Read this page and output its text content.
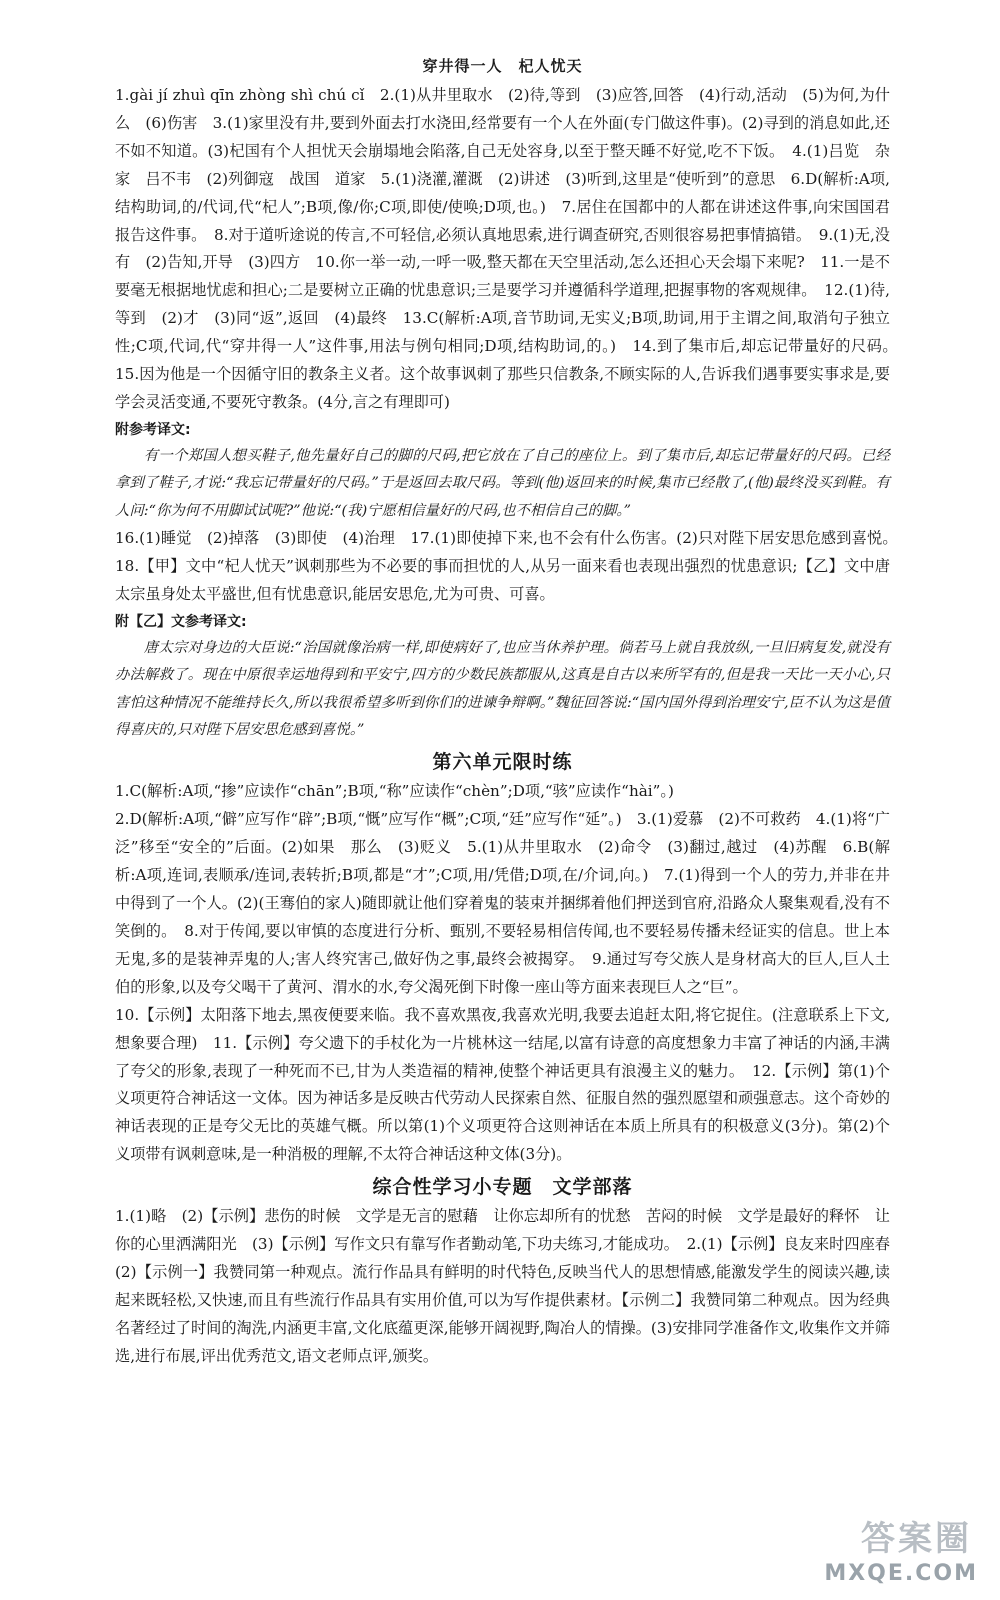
穿井得一人　杞人忧天

1.gài jí zhuì qīn zhòng shì chú cǐ　2.(1)从井里取水　(2)待,等到　(3)应答,回答　(4)行动,活动　(5)为何,为什么　(6)伤害　3.(1)家里没有井,要到外面去打水浇田,经常要有一个人在外面(专门做这件事)。(2)寻到的消息如此,还不如不知道。(3)杞国有个人担忧天会崩塌地会陷落,自己无处容身,以至于整天睡不好觉,吃不下饭。　4.(1)吕览　杂家　吕不韦　(2)列御寇　战国　道家　5.(1)浇灌,灌溉　(2)讲述　(3)听到,这里是“使听到”的意思　6.D(解析:A项,结构助词,的/代词,代“杞人”;B项,像/你;C项,即使/使唤;D项,也。)　7.居住在国都中的人都在讲述这件事,向宋国国君报告这件事。　8.对于道听途说的传言,不可轻信,必须认真地思索,进行调查研究,否则很容易把事情搞错。　9.(1)无,没有　(2)告知,开导　(3)四方　10.你一举一动,一呼一吸,整天都在天空里活动,怎么还担心天会塌下来呢?　11.一是不要毫无根据地忧虑和担心;二是要树立正确的忧患意识;三是要学习并遵循科学道理,把握事物的客观规律。　12.(1)待,等到　(2)才　(3)同“返”,返回　(4)最终　13.C(解析:A项,音节助词,无实义;B项,助词,用于主谓之间,取消句子独立性;C项,代词,代“穿井得一人”这件事,用法与例句相同;D项,结构助词,的。)　14.到了集市后,却忘记带量好的尺码。　15.因为他是一个因循守旧的教条主义者。这个故事讽刺了那些只信教条,不顾实际的人,告诉我们遇事要实事求是,要学会灵活变通,不要死守教条。(4分,言之有理即可)

附参考译文:

有一个郑国人想买鞋子,他先量好自己的脚的尺码,把它放在了自己的座位上。到了集市后,却忘记带量好的尺码。已经拿到了鞋子,才说:“我忘记带量好的尺码。”于是返回去取尺码。等到(他)返回来的时候,集市已经散了,(他)最终没买到鞋。有人问:“你为何不用脚试试呢?”他说:“(我)宁愿相信量好的尺码,也不相信自己的脚。”

16.(1)睡觉　(2)掉落　(3)即使　(4)治理　17.(1)即使掉下来,也不会有什么伤害。(2)只对陛下居安思危感到喜悦。　18.【甲】文中“杞人忧天”讽刺那些为不必要的事而担忧的人,从另一面来看也表现出强烈的忧患意识;【乙】文中唐太宗虽身处太平盛世,但有忧患意识,能居安思危,尤为可贵、可喜。

附【乙】文参考译文:

唐太宗对身边的大臣说:“治国就像治病一样,即使病好了,也应当休养护理。倘若马上就自我放纵,一旦旧病复发,就没有办法解救了。现在中原很幸运地得到和平安宁,四方的少数民族都服从,这真是自古以来所罕有的,但是我一天比一天小心,只害怕这种情况不能维持长久,所以我很希望多听到你们的进谏争辩啊。”魏征回答说:“国内国外得到治理安宁,臣不认为这是值得喜庆的,只对陛下居安思危感到喜悦。”

第六单元限时练

1.C(解析:A项,“掺”应读作“chān”;B项,“称”应读作“chèn”;D项,“骇”应读作“hài”。)

2.D(解析:A项,“僻”应写作“辟”;B项,“慨”应写作“概”;C项,“廷”应写作“延”。)　3.(1)爱慕　(2)不可救药　4.(1)将“广泛”移至“安全的”后面。(2)如果　那么　(3)贬义　5.(1)从井里取水　(2)命令　(3)翻过,越过　(4)苏醒　6.B(解析:A项,连词,表顺承/连词,表转折;B项,都是“才”;C项,用/凭借;D项,在/介词,向。)　7.(1)得到一个人的劳力,并非在井中得到了一个人。(2)(王骞伯的家人)随即就让他们穿着鬼的装束并捆绑着他们押送到官府,沿路众人聚集观看,没有不笑倒的。　8.对于传闻,要以审慎的态度进行分析、甄别,不要轻易相信传闻,也不要轻易传播未经证实的信息。世上本无鬼,多的是装神弄鬼的人;害人终究害己,做好伪之事,最终会被揭穿。　9.通过写夸父族人是身材高大的巨人,巨人土伯的形象,以及夸父喝干了黄河、渭水的水,夸父渴死倒下时像一座山等方面来表现巨人之“巨”。

10.【示例】太阳落下地去,黑夜便要来临。我不喜欢黑夜,我喜欢光明,我要去追赶太阳,将它捉住。(注意联系上下文,想象要合理)　11.【示例】夸父遗下的手杖化为一片桃林这一结尾,以富有诗意的高度想象力丰富了神话的内涵,丰满了夸父的形象,表现了一种死而不已,甘为人类造福的精神,使整个神话更具有浪漫主义的魅力。　12.【示例】第(1)个义项更符合神话这一文体。因为神话多是反映古代劳动人民探索自然、征服自然的强烈愿望和顽强意志。这个奇妙的神话表现的正是夸父无比的英雄气概。所以第(1)个义项更符合这则神话在本质上所具有的积极意义(3分)。第(2)个义项带有讽刺意味,是一种消极的理解,不太符合神话这种文体(3分)。

综合性学习小专题　文学部落

1.(1)略　(2)【示例】悲伤的时候　文学是无言的慰藉　让你忘却所有的忧愁　苦闷的时候　文学是最好的释怀　让你的心里洒满阳光　(3)【示例】写作文只有靠写作者勤动笔,下功夫练习,才能成功。　2.(1)【示例】良友来时四座春　(2)【示例一】我赞同第一种观点。流行作品具有鲜明的时代特色,反映当代人的思想情感,能激发学生的阅读兴趣,读起来既轻松,又快速,而且有些流行作品具有实用价值,可以为写作提供素材。【示例二】我赞同第二种观点。因为经典名著经过了时间的淘洗,内涵更丰富,文化底蕴更深,能够开阔视野,陶冶人的情操。(3)安排同学准备作文,收集作文并筛选,进行布展,评出优秀范文,语文老师点评,颁奖。

答案圈
MXQE.COM
